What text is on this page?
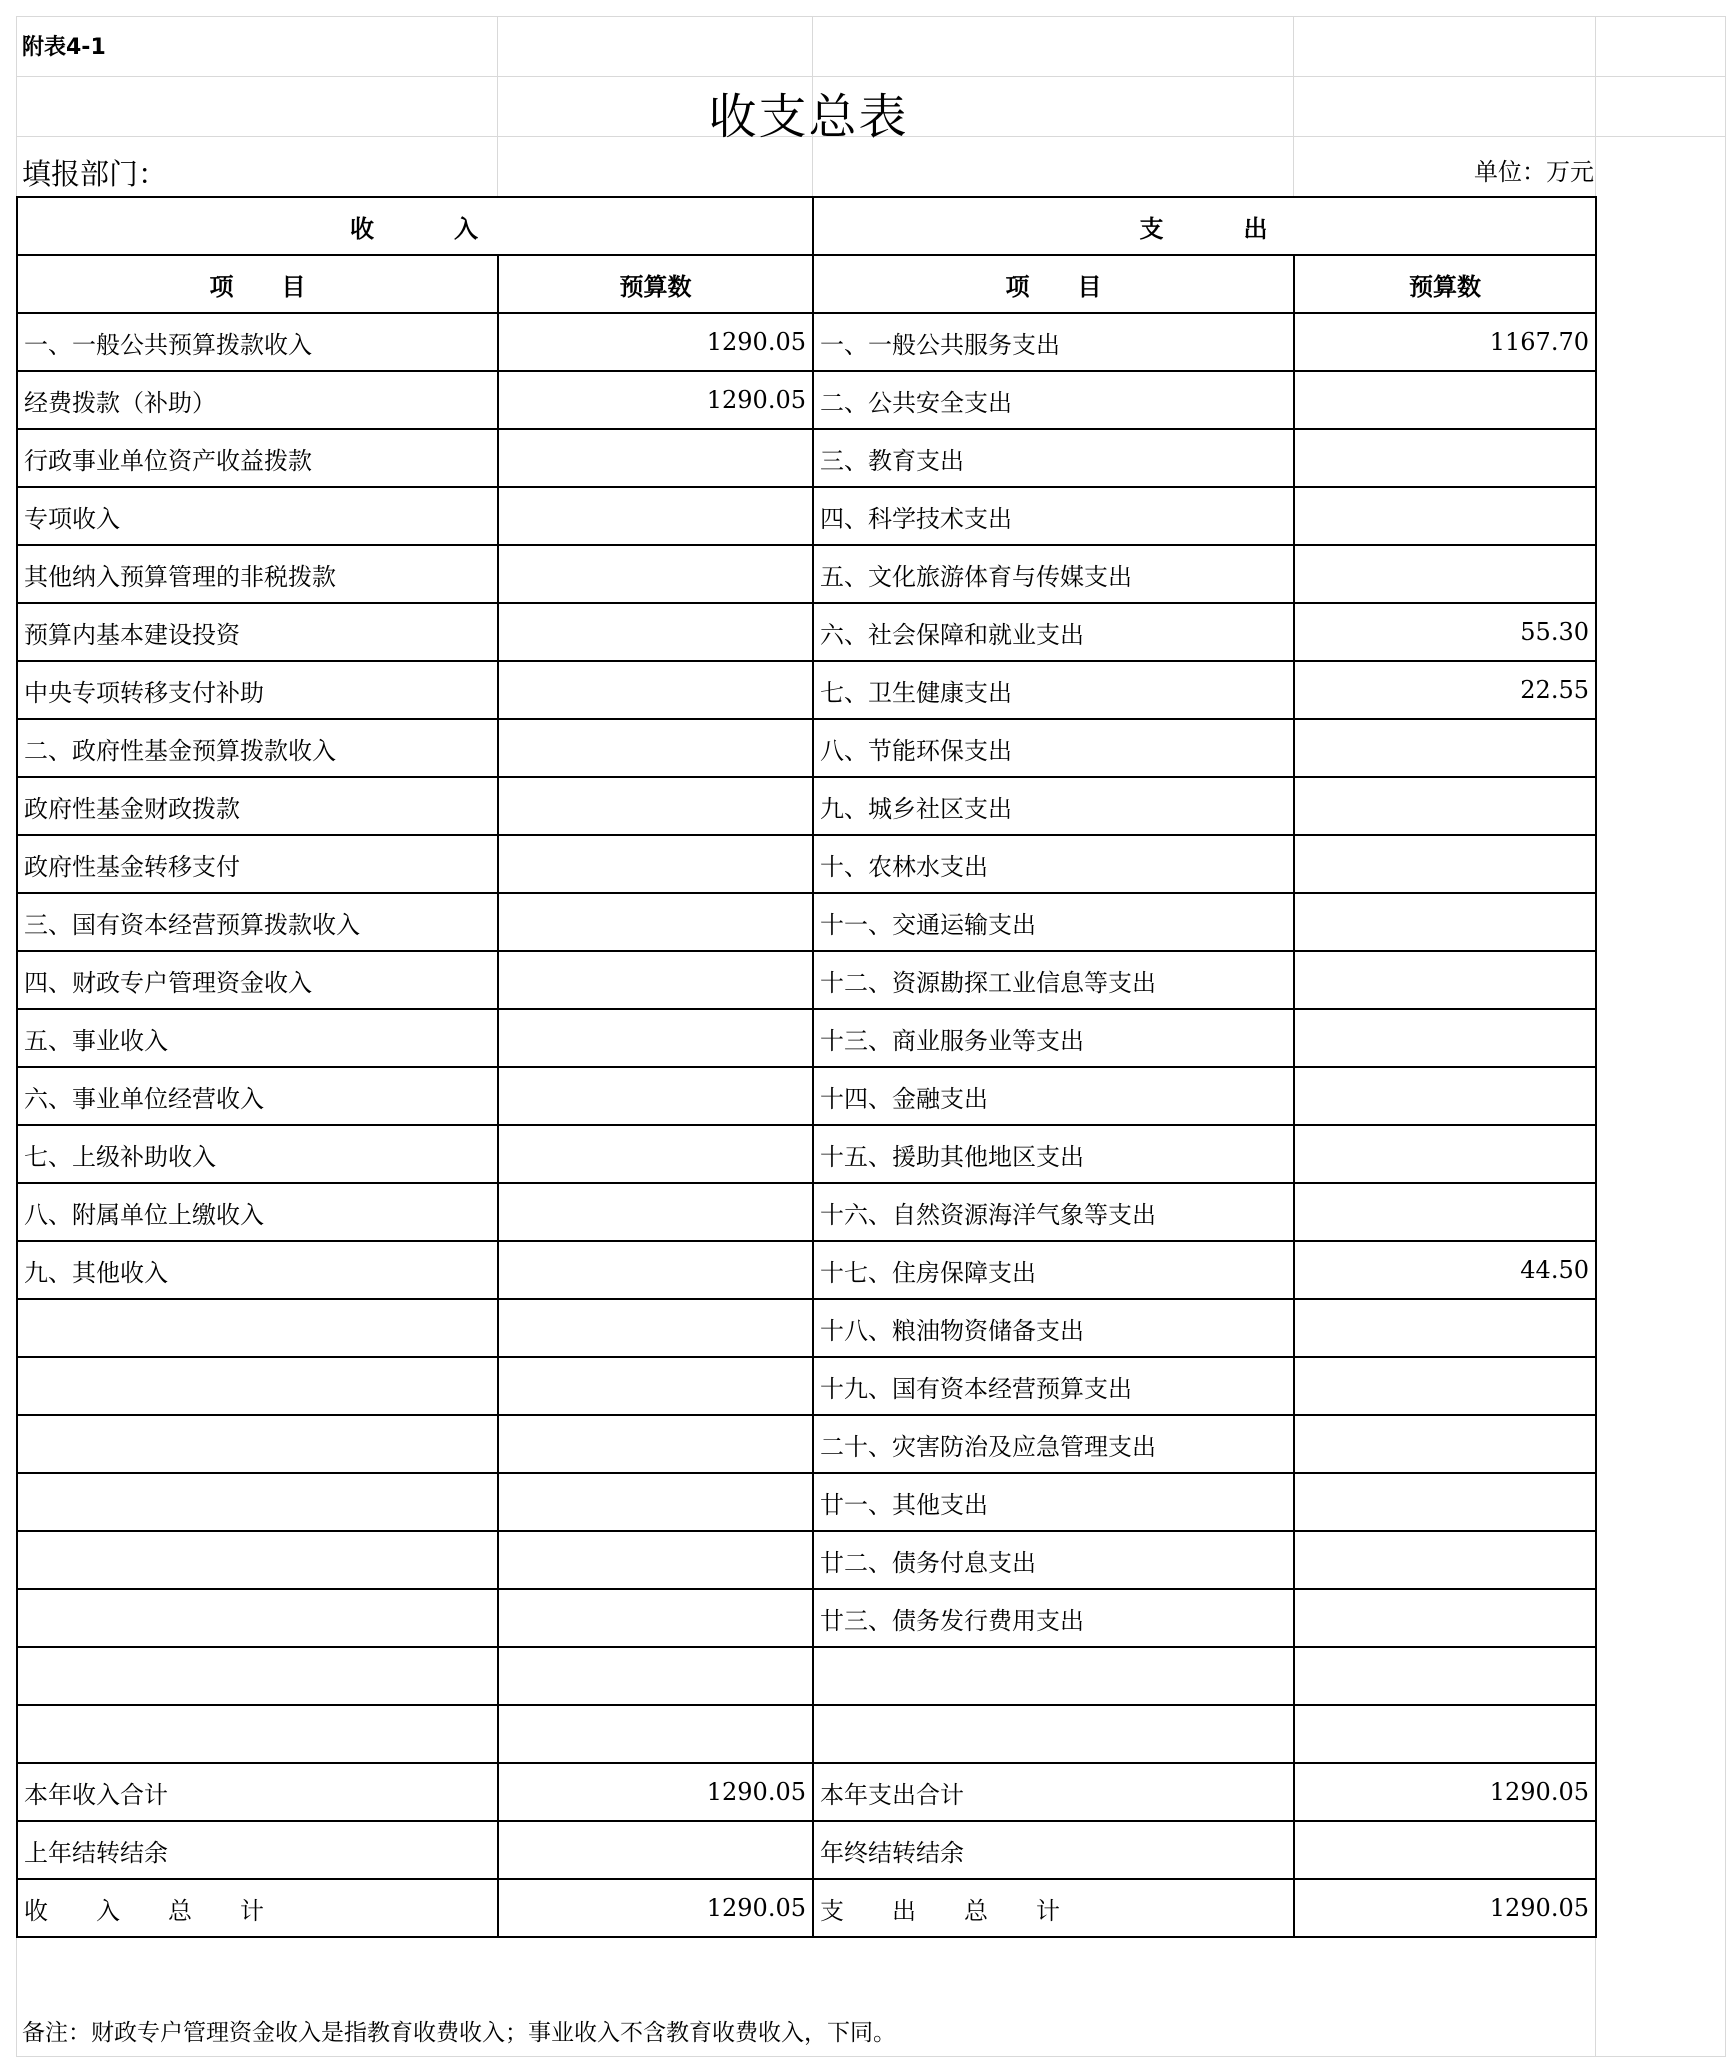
附表4-1
收支总表
填报部门：	单位：万元
收　　　入		支　　　出	
项　　目	预算数	项　　目	预算数
一、一般公共预算拨款收入	1290.05	一、一般公共服务支出	1167.70
经费拨款（补助）	1290.05	二、公共安全支出	
行政事业单位资产收益拨款		三、教育支出	
专项收入		四、科学技术支出	
其他纳入预算管理的非税拨款		五、文化旅游体育与传媒支出	
预算内基本建设投资		六、社会保障和就业支出	55.30
中央专项转移支付补助		七、卫生健康支出	22.55
二、政府性基金预算拨款收入		八、节能环保支出	
政府性基金财政拨款		九、城乡社区支出	
政府性基金转移支付		十、农林水支出	
三、国有资本经营预算拨款收入		十一、交通运输支出	
四、财政专户管理资金收入		十二、资源勘探工业信息等支出	
五、事业收入		十三、商业服务业等支出	
六、事业单位经营收入		十四、金融支出	
七、上级补助收入		十五、援助其他地区支出	
八、附属单位上缴收入		十六、自然资源海洋气象等支出	
九、其他收入		十七、住房保障支出	44.50
		十八、粮油物资储备支出	
		十九、国有资本经营预算支出	
		二十、灾害防治及应急管理支出	
		廿一、其他支出	
		廿二、债务付息支出	
		廿三、债务发行费用支出	

本年收入合计	1290.05	本年支出合计	1290.05
上年结转结余		年终结转结余	
收　　入　　总　　计	1290.05	支　　出　　总　　计	1290.05
备注：财政专户管理资金收入是指教育收费收入；事业收入不含教育收费收入，下同。
